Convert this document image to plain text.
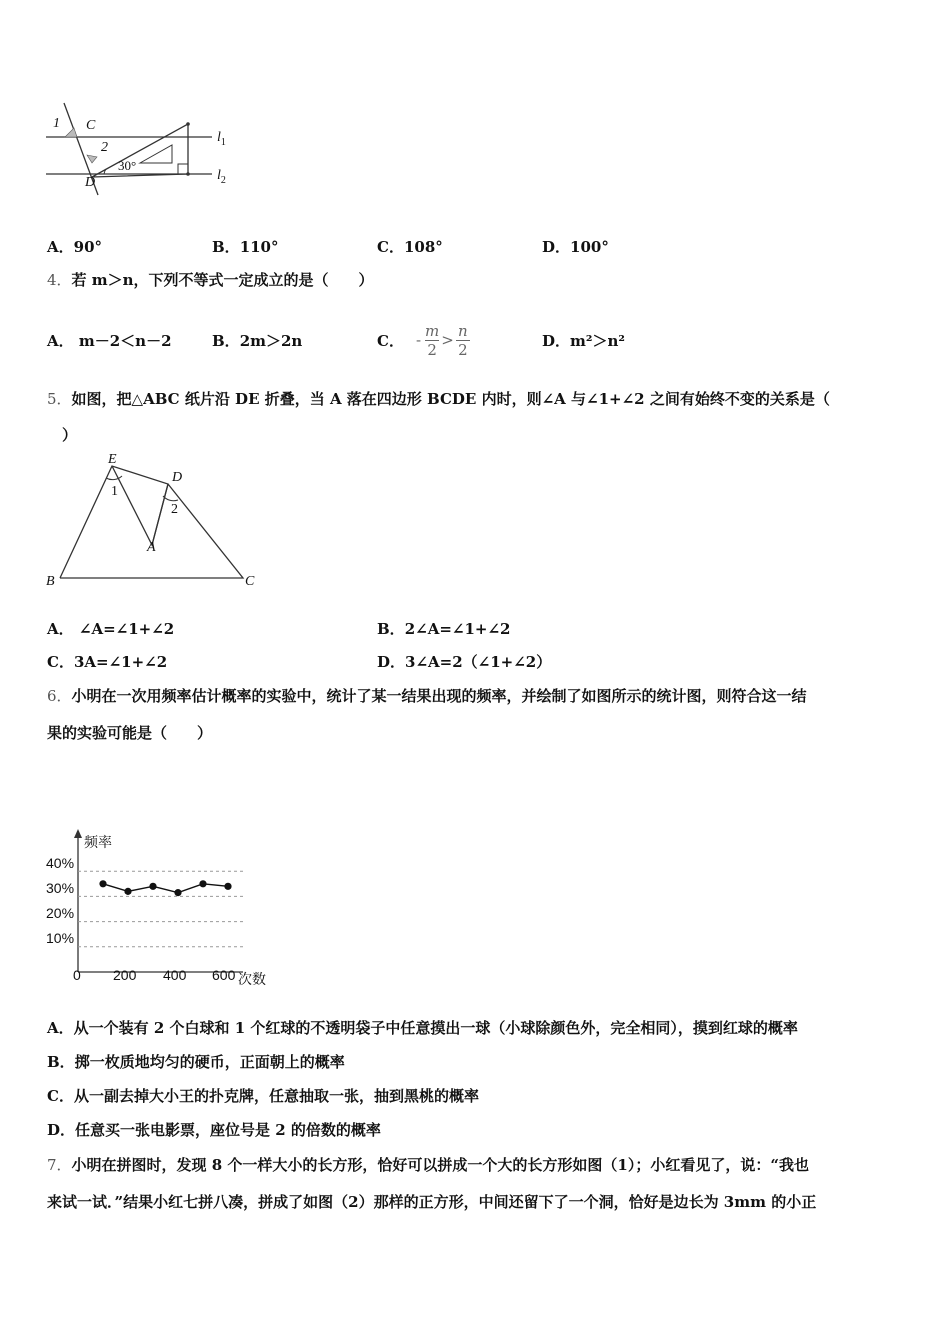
1 C
2
30°
D
$l_1$
$l_2$
A．90°	B．110°	C．108°	D．100°
4．若 m＞n，下列不等式一定成立的是（　　）
A． m－2＜n－2	B．2m＞2n	C． - $\frac{m}{2} > \frac{n}{2}$	D．m²＞n²
5．如图，把△ABC 纸片沿 DE 折叠，当 A 落在四边形 BCDE 内时，则∠A 与∠1+∠2 之间有始终不变的关系是（
　）
E
D
1
2
A
B	C
A． ∠A=∠1+∠2	B．2∠A=∠1+∠2
C．3A=∠1+∠2	D．3∠A=2（∠1+∠2）
6．小明在一次用频率估计概率的实验中，统计了某一结果出现的频率，并绘制了如图所示的统计图，则符合这一结
果的实验可能是（　　）
频率
次数
40%
30%
20%
10%
0 200 400 600
A．从一个装有 2 个白球和 1 个红球的不透明袋子中任意摸出一球（小球除颜色外，完全相同），摸到红球的概率
B．掷一枚质地均匀的硬币，正面朝上的概率
C．从一副去掉大小王的扑克牌，任意抽取一张，抽到黑桃的概率
D．任意买一张电影票，座位号是 2 的倍数的概率
7．小明在拼图时，发现 8 个一样大小的长方形，恰好可以拼成一个大的长方形如图（1）；小红看见了，说：“我也
来试一试．”结果小红七拼八凑，拼成了如图（2）那样的正方形，中间还留下了一个洞，恰好是边长为 3mm 的小正
